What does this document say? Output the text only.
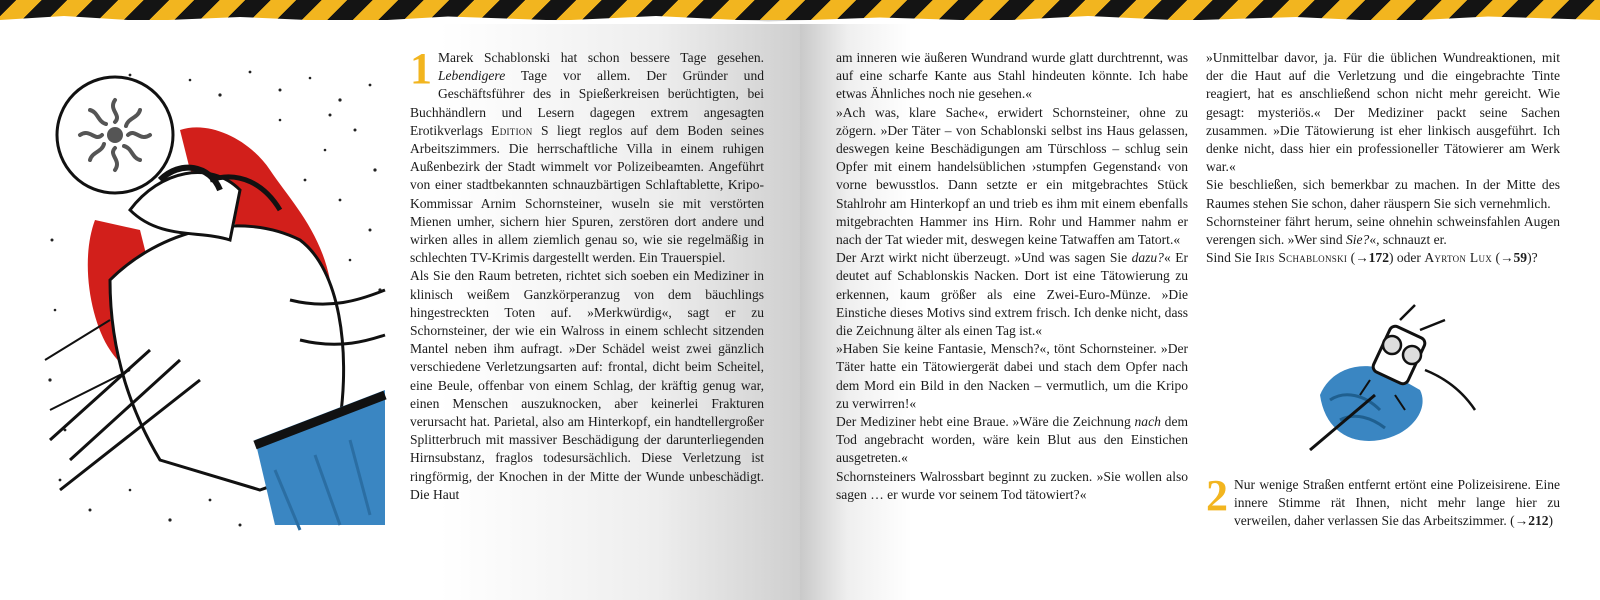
1 Marek Schablonski hat schon bessere Tage gesehen. Lebendigere Tage vor allem. Der Gründer und Geschäftsführer des in Spießerkreisen berüchtigten, bei Buchhändlern und Lesern dagegen extrem angesagten Erotikverlags Edition S liegt reglos auf dem Boden seines Arbeitszimmers. Die herrschaftliche Villa in einem ruhigen Außenbezirk der Stadt wimmelt vor Polizeibeamten. Angeführt von einer stadtbekannten schnauzbärtigen Schlaftablette, Kripo-Kommissar Arnim Schornsteiner, wuseln sie mit verstörten Mienen umher, sichern hier Spuren, zerstören dort andere und wirken alles in allem ziemlich genau so, wie sie regelmäßig in schlechten TV-Krimis dargestellt werden. Ein Trauerspiel.

Als Sie den Raum betreten, richtet sich soeben ein Mediziner in klinisch weißem Ganzkörperanzug von dem bäuchlings hingestreckten Toten auf. »Merkwürdig«, sagt er zu Schornsteiner, der wie ein Walross in einem schlecht sitzenden Mantel neben ihm aufragt. »Der Schädel weist zwei gänzlich verschiedene Verletzungsarten auf: frontal, dicht beim Scheitel, eine Beule, offenbar von einem Schlag, der kräftig genug war, einen Menschen auszuknocken, aber keinerlei Frakturen verursacht hat. Parietal, also am Hinterkopf, ein handtellergroßer Splitterbruch mit massiver Beschädigung der darunterliegenden Hirnsubstanz, fraglos todesursächlich. Diese Verletzung ist ringförmig, der Knochen in der Mitte der Wunde unbeschädigt. Die Haut

am inneren wie äußeren Wundrand wurde glatt durchtrennt, was auf eine scharfe Kante aus Stahl hindeuten könnte. Ich habe etwas Ähnliches noch nie gesehen.«

»Ach was, klare Sache«, erwidert Schornsteiner, ohne zu zögern. »Der Täter – von Schablonski selbst ins Haus gelassen, deswegen keine Beschädigungen am Türschloss – schlug sein Opfer mit einem handelsüblichen ›stumpfen Gegenstand‹ von vorne bewusstlos. Dann setzte er ein mitgebrachtes Stück Stahlrohr am Hinterkopf an und trieb es ihm mit einem ebenfalls mitgebrachten Hammer ins Hirn. Rohr und Hammer nahm er nach der Tat wieder mit, deswegen keine Tatwaffen am Tatort.«

Der Arzt wirkt nicht überzeugt. »Und was sagen Sie dazu?« Er deutet auf Schablonskis Nacken. Dort ist eine Tätowierung zu erkennen, kaum größer als eine Zwei-Euro-Münze. »Die Einstiche dieses Motivs sind extrem frisch. Ich denke nicht, dass die Zeichnung älter als einen Tag ist.«

»Haben Sie keine Fantasie, Mensch?«, tönt Schornsteiner. »Der Täter hatte ein Tätowiergerät dabei und stach dem Opfer nach dem Mord ein Bild in den Nacken – vermutlich, um die Kripo zu verwirren!«

Der Mediziner hebt eine Braue. »Wäre die Zeichnung nach dem Tod angebracht worden, wäre kein Blut aus den Einstichen ausgetreten.«

Schornsteiners Walrossbart beginnt zu zucken. »Sie wollen also sagen … er wurde vor seinem Tod tätowiert?«

»Unmittelbar davor, ja. Für die üblichen Wundreaktionen, mit der die Haut auf die Verletzung und die eingebrachte Tinte reagiert, hat es anschließend schon nicht mehr gereicht. Wie gesagt: mysteriös.« Der Mediziner packt seine Sachen zusammen. »Die Tätowierung ist eher linkisch ausgeführt. Ich denke nicht, dass hier ein professioneller Tätowierer am Werk war.«

Sie beschließen, sich bemerkbar zu machen. In der Mitte des Raumes stehen Sie schon, daher räuspern Sie sich vernehmlich.

Schornsteiner fährt herum, seine ohnehin schweinsfahlen Augen verengen sich. »Wer sind Sie?«, schnauzt er.

Sind Sie Iris Schablonski (→172) oder Ayrton Lux (→59)?

2 Nur wenige Straßen entfernt ertönt eine Polizeisirene. Eine innere Stimme rät Ihnen, nicht mehr lange hier zu verweilen, daher verlassen Sie das Arbeitszimmer. (→212)
